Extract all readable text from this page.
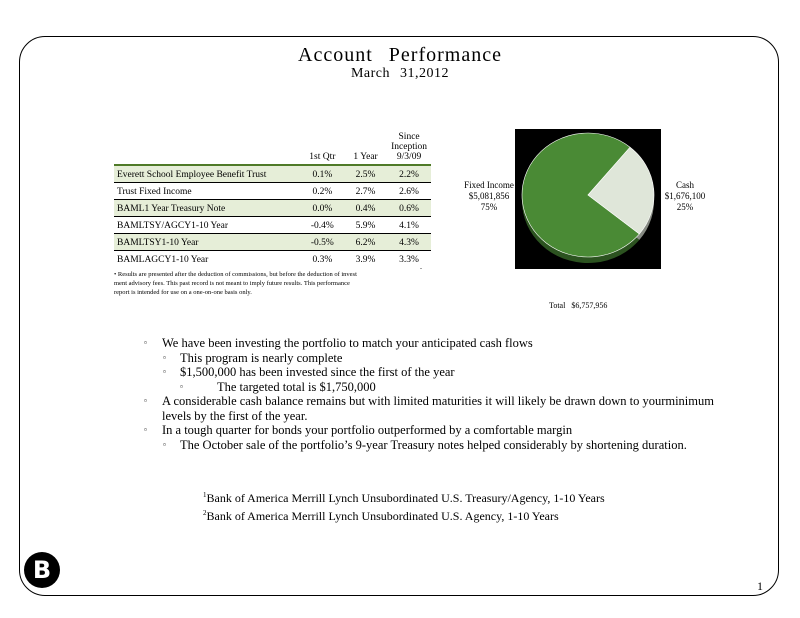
Account Performance
March 31,2012
	1st Qtr	1 Year	Since
Inception
9/3/09
Everett School Employee Benefit Trust	0.1%	2.5%	2.2%
Trust Fixed Income	0.2%	2.7%	2.6%
BAML1 Year Treasury Note	0.0%	0.4%	0.6%
BAMLTSY/AGCY1-10 Year	-0.4%	5.9%	4.1%
BAMLTSY1-10 Year	-0.5%	6.2%	4.3%
BAMLAGCY1-10 Year	0.3%	3.9%	3.3%
• Results are presented after the deduction of commissions, but before the deduction of invest ment advisory fees. This past record is not meant to imply future results. This performance report is intended for use on a one-on-one basis only.
-
Fixed Income
$5,081,856
75%
Cash
$1,676,100
25%
Total $6,757,956
▫ We have been investing the portfolio to match your anticipated cash flows
▫ This program is nearly complete
▫ $1,500,000 has been invested since the first of the year
▫	The targeted total is $1,750,000
▫ A considerable cash balance remains but with limited maturities it will likely be drawn down to yourminimum levels by the first of the year.
▫ In a tough quarter for bonds your portfolio outperformed by a comfortable margin
▫ The October sale of the portfolio’s 9-year Treasury notes helped considerably by shortening duration.
$^1$Bank of America Merrill Lynch Unsubordinated U.S. Treasury/Agency, 1-10 Years
$^2$Bank of America Merrill Lynch Unsubordinated U.S. Agency, 1-10 Years
B
1
